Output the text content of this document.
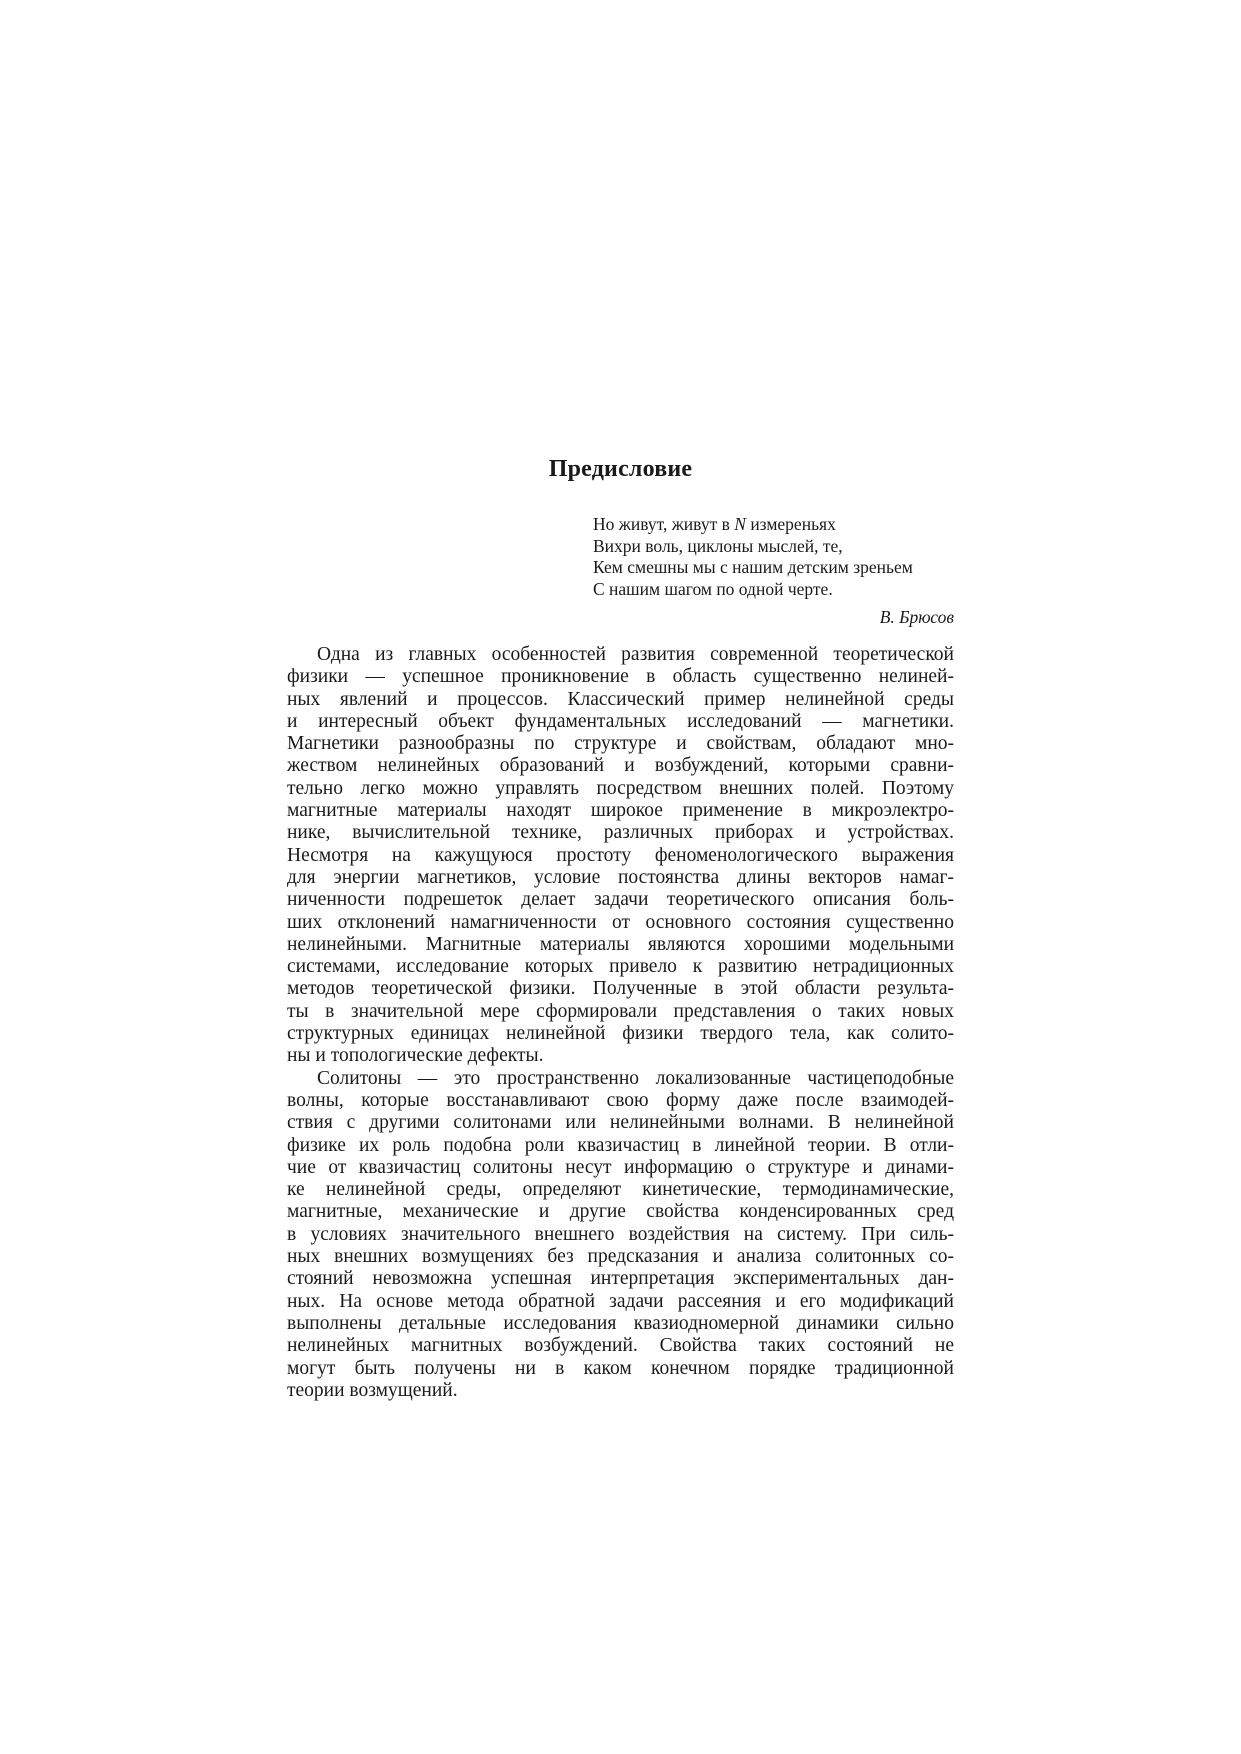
Предисловие
Но живут, живут в N измереньях
Вихри воль, циклоны мыслей, те,
Кем смешны мы с нашим детским зреньем
С нашим шагом по одной черте.
В. Брюсов
Одна из главных особенностей развития современной теоретической
физики — успешное проникновение в область существенно нелиней-
ных явлений и процессов. Классический пример нелинейной среды
и интересный объект фундаментальных исследований — магнетики.
Магнетики разнообразны по структуре и свойствам, обладают мно-
жеством нелинейных образований и возбуждений, которыми сравни-
тельно легко можно управлять посредством внешних полей. Поэтому
магнитные материалы находят широкое применение в микроэлектро-
нике, вычислительной технике, различных приборах и устройствах.
Несмотря на кажущуюся простоту феноменологического выражения
для энергии магнетиков, условие постоянства длины векторов намаг-
ниченности подрешеток делает задачи теоретического описания боль-
ших отклонений намагниченности от основного состояния существенно
нелинейными. Магнитные материалы являются хорошими модельными
системами, исследование которых привело к развитию нетрадиционных
методов теоретической физики. Полученные в этой области результа-
ты в значительной мере сформировали представления о таких новых
структурных единицах нелинейной физики твердого тела, как солито-
ны и топологические дефекты.
Солитоны — это пространственно локализованные частицеподобные
волны, которые восстанавливают свою форму даже после взаимодей-
ствия с другими солитонами или нелинейными волнами. В нелинейной
физике их роль подобна роли квазичастиц в линейной теории. В отли-
чие от квазичастиц солитоны несут информацию о структуре и динами-
ке нелинейной среды, определяют кинетические, термодинамические,
магнитные, механические и другие свойства конденсированных сред
в условиях значительного внешнего воздействия на систему. При силь-
ных внешних возмущениях без предсказания и анализа солитонных со-
стояний невозможна успешная интерпретация экспериментальных дан-
ных. На основе метода обратной задачи рассеяния и его модификаций
выполнены детальные исследования квазиодномерной динамики сильно
нелинейных магнитных возбуждений. Свойства таких состояний не
могут быть получены ни в каком конечном порядке традиционной
теории возмущений.
